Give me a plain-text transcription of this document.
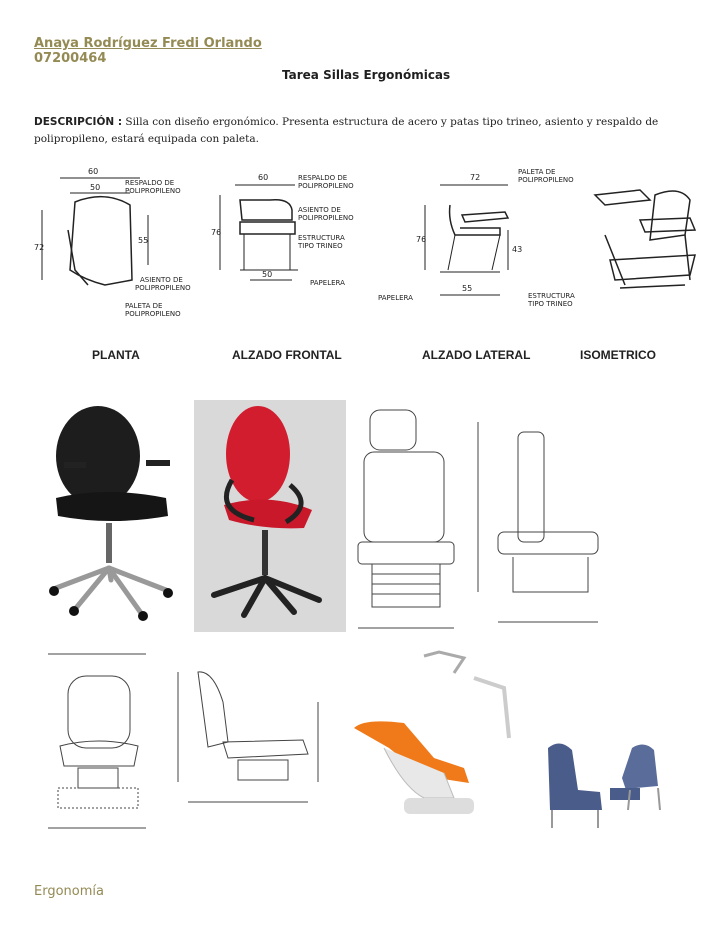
Anaya Rodríguez Fredi Orlando
07200464
Tarea Sillas Ergonómicas
DESCRIPCIÓN : Silla con diseño ergonómico. Presenta estructura de acero y patas tipo trineo, asiento y respaldo de polipropileno, estará equipada con paleta.
60
50
72
55
RESPALDO DE
POLIPROPILENO
ASIENTO DE
POLIPROPILENO
PALETA DE
POLIPROPILENO
60
76
50
RESPALDO DE
POLIPROPILENO
ASIENTO DE
POLIPROPILENO
ESTRUCTURA
TIPO TRINEO
PAPELERA
72
76
43
55
PALETA DE
POLIPROPILENO
PAPELERA	ESTRUCTURA
TIPO TRINEO
PLANTA	ALZADO FRONTAL	ALZADO LATERAL	ISOMETRICO
Ergonomía
